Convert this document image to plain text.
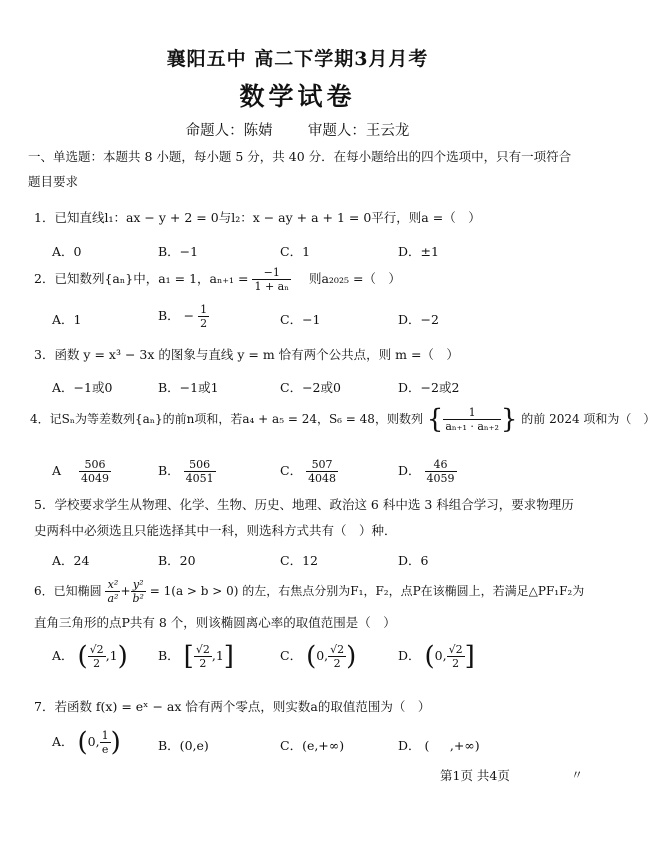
襄阳五中 高二下学期3月月考
数学试卷
命题人：陈婧 审题人：王云龙
一、单选题：本题共 8 小题，每小题 5 分，共 40 分．在每小题给出的四个选项中，只有一项符合
题目要求
1．已知直线l₁：ax − y + 2 = 0与l₂：x − ay + a + 1 = 0平行，则a =（　）
A．0	B．−1	C．1	D．±1
2．已知数列{aₙ}中，a₁ = 1，$a_{n+1} = \frac{-1}{\text{1 + aₙ}}$ 则a₂₀₂₅ =（　）
A．1	B． − $\frac{1}{2}$	C．−1	D．−2
3．函数 y = x³ − 3x 的图象与直线 y = m 恰有两个公共点，则 m =（　）
A．−1或0	B．−1或1	C．−2或0	D．−2或2
4．记Sₙ为等差数列{aₙ}的前n项和，若a₄ + a₅ = 24，S₆ = 48，则数列 { $\frac{1}{\text{aₙ₊₁ · aₙ₊₂}}$ } 的前 2024 项和为（　）
A $\frac{506}{4049}$	B． $\frac{506}{4051}$	C． $\frac{507}{4048}$	D． $\frac{46}{4059}$
5．学校要求学生从物理、化学、生物、历史、地理、政治这 6 科中选 3 科组合学习，要求物理历
史两科中必须选且只能选择其中一科，则选科方式共有（　）种．
A．24	B．20	C．12	D．6
6．已知椭圆 $\frac{\text{x²}}{\text{a²}} + \frac{\text{y²}}{\text{b²}} = 1(a > b > 0)$ 的左，右焦点分别为F₁，F₂，点P在该椭圆上，若满足△PF₁F₂为
直角三角形的点P共有 8 个，则该椭圆离心率的取值范围是（　）
A． ( $\frac{√2}{2} ,1$) B． [ $\frac{√2}{2} ,1$]	C． (0, $\frac{√2}{2}$ )	D． (0, $\frac{√2}{2}$ ]
7．若函数 f(x) = eˣ − ax 恰有两个零点，则实数a的取值范围为（　）
A． (0, $\frac{1}{e}$ )	B．(0,e)	C．(e,+∞)	D． ( 　 ,+∞)
第1页 共4页	〃
